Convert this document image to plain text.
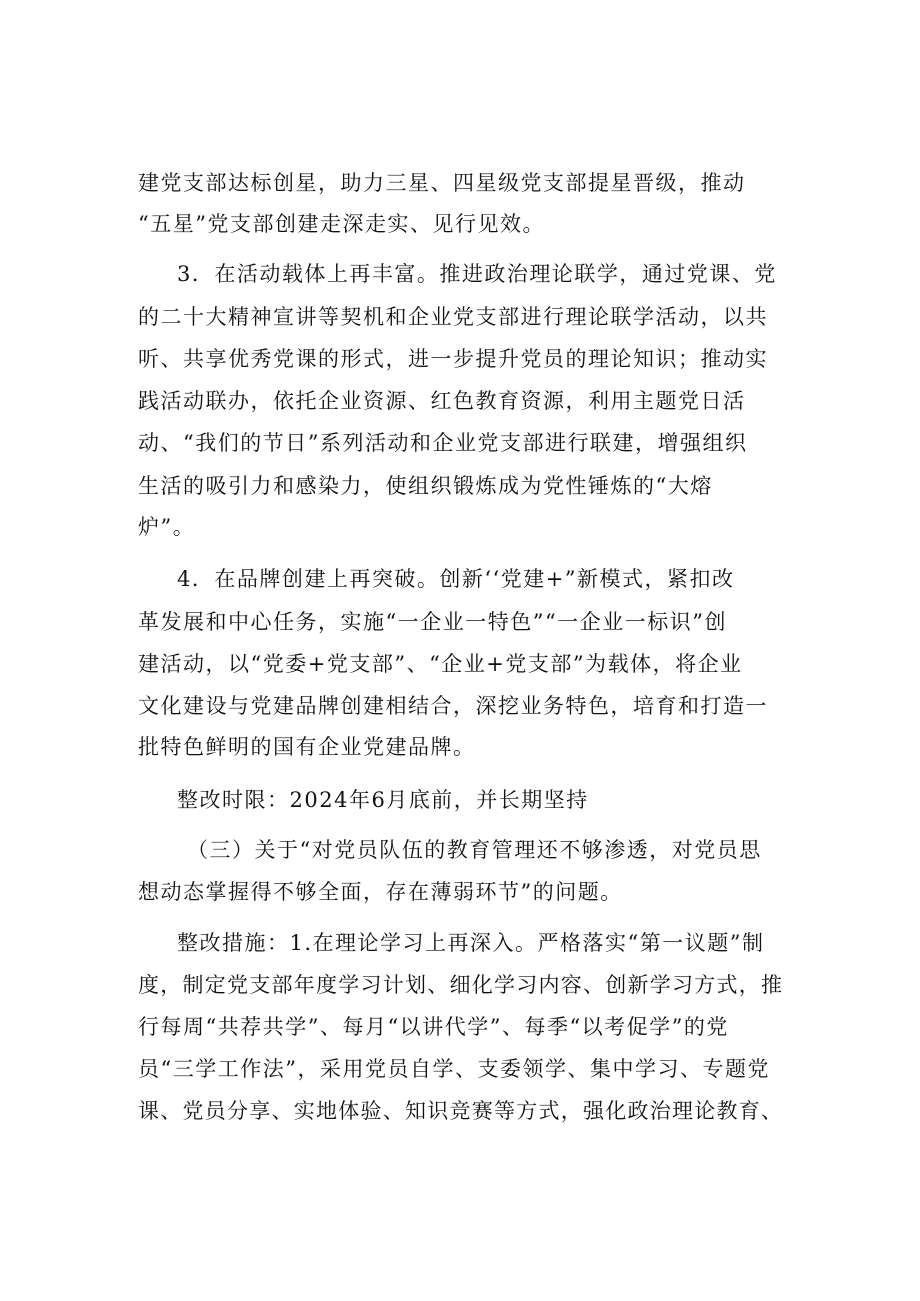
建党支部达标创星，助力三星、四星级党支部提星晋级，推动
“五星”党支部创建走深走实、见行见效。
3．在活动载体上再丰富。推进政治理论联学，通过党课、党
的二十大精神宣讲等契机和企业党支部进行理论联学活动，以共
听、共享优秀党课的形式，进一步提升党员的理论知识；推动实
践活动联办，依托企业资源、红色教育资源，利用主题党日活
动、“我们的节日”系列活动和企业党支部进行联建，增强组织
生活的吸引力和感染力，使组织锻炼成为党性锤炼的“大熔
炉”。
4．在品牌创建上再突破。创新‘‘党建+”新模式，紧扣改
革发展和中心任务，实施“一企业一特色”“一企业一标识”创
建活动，以“党委+党支部”、“企业+党支部”为载体，将企业
文化建设与党建品牌创建相结合，深挖业务特色，培育和打造一
批特色鲜明的国有企业党建品牌。
整改时限：2024年6月底前，并长期坚持
（三）关于“对党员队伍的教育管理还不够渗透，对党员思
想动态掌握得不够全面，存在薄弱环节”的问题。
整改措施：1.在理论学习上再深入。严格落实“第一议题”制
度，制定党支部年度学习计划、细化学习内容、创新学习方式，推
行每周“共荐共学”、每月“以讲代学”、每季“以考促学”的党
员“三学工作法”，采用党员自学、支委领学、集中学习、专题党
课、党员分享、实地体验、知识竞赛等方式，强化政治理论教育、
